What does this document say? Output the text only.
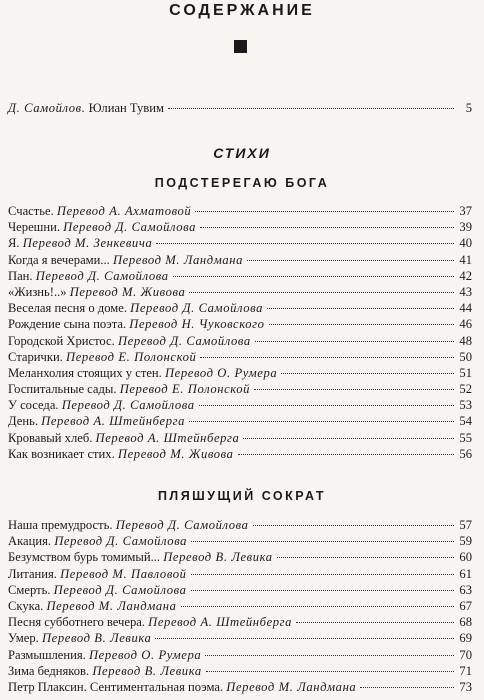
СОДЕРЖАНИЕ
Д. Самойлов. Юлиан Тувим	5
СТИХИ
ПОДСТЕРЕГАЮ БОГА
Счастье. Перевод А. Ахматовой	37
Черешни. Перевод Д. Самойлова	39
Я. Перевод М. Зенкевича	40
Когда я вечерами... Перевод М. Ландмана	41
Пан. Перевод Д. Самойлова	42
«Жизнь!..» Перевод М. Живова	43
Веселая песня о доме. Перевод Д. Самойлова	44
Рождение сына поэта. Перевод Н. Чуковского	46
Городской Христос. Перевод Д. Самойлова	48
Старички. Перевод Е. Полонской	50
Меланхолия стоящих у стен. Перевод О. Румера	51
Госпитальные сады. Перевод Е. Полонской	52
У соседа. Перевод Д. Самойлова	53
День. Перевод А. Штейнберга	54
Кровавый хлеб. Перевод А. Штейнберга	55
Как возникает стих. Перевод М. Живова	56
ПЛЯШУЩИЙ СОКРАТ
Наша премудрость. Перевод Д. Самойлова	57
Акация. Перевод Д. Самойлова	59
Безумством бурь томимый... Перевод В. Левика	60
Литания. Перевод М. Павловой	61
Смерть. Перевод Д. Самойлова	63
Скука. Перевод М. Ландмана	67
Песня субботнего вечера. Перевод А. Штейнберга	68
Умер. Перевод В. Левика	69
Размышления. Перевод О. Румера	70
Зима бедняков. Перевод В. Левика	71
Петр Плаксин. Сентиментальная поэма. Перевод М. Ландмана	73
